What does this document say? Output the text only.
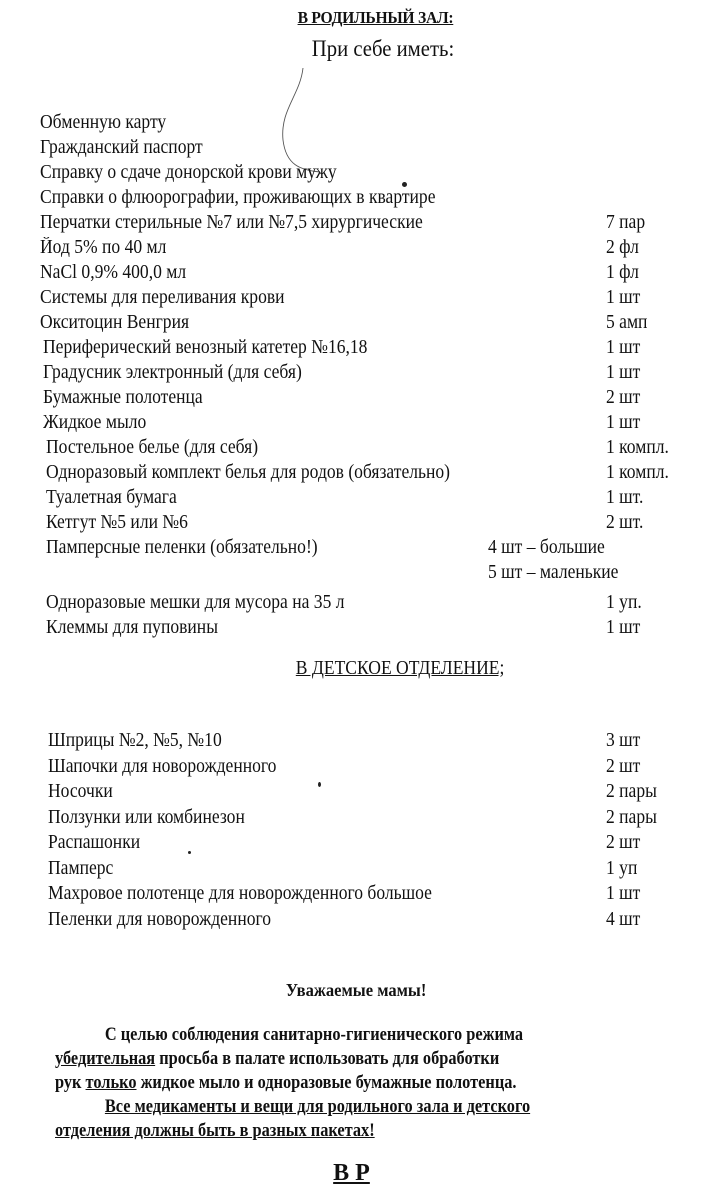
В РОДИЛЬНЫЙ ЗАЛ:
При себе иметь:
Обменную карту
Гражданский паспорт
Справку о сдаче донорской крови мужу
Справки о флюорографии, проживающих в квартире
Перчатки стерильные №7 или №7,5 хирургические	7 пар
Йод 5% по 40 мл	2 фл
NaCl 0,9% 400,0 мл	1 фл
Системы для переливания крови	1 шт
Окситоцин Венгрия	5 амп
Периферический венозный катетер №16,18	1 шт
Градусник электронный (для себя)	1 шт
Бумажные полотенца	2 шт
Жидкое мыло	1 шт
Постельное белье (для себя)	1 компл.
Одноразовый комплект белья для родов (обязательно)	1 компл.
Туалетная бумага	1 шт.
Кетгут №5 или №6	2 шт.
Памперсные пеленки (обязательно!)	4 шт – большие
5 шт – маленькие
Одноразовые мешки для мусора на 35 л	1 уп.
Клеммы для пуповины	1 шт
В ДЕТСКОЕ ОТДЕЛЕНИЕ;
Шприцы №2, №5, №10	3 шт
Шапочки для новорожденного	2 шт
Носочки	2 пары
Ползунки или комбинезон	2 пары
Распашонки	2 шт
Памперс	1 уп
Махровое полотенце для новорожденного большое	1 шт
Пеленки для новорожденного	4 шт
Уважаемые мамы!
С целью соблюдения санитарно-гигиенического режима
убедительная просьба в палате использовать для обработки
рук только жидкое мыло и одноразовые бумажные полотенца.
Все медикаменты и вещи для родильного зала и детского
отделения должны быть в разных пакетах!
В Р
